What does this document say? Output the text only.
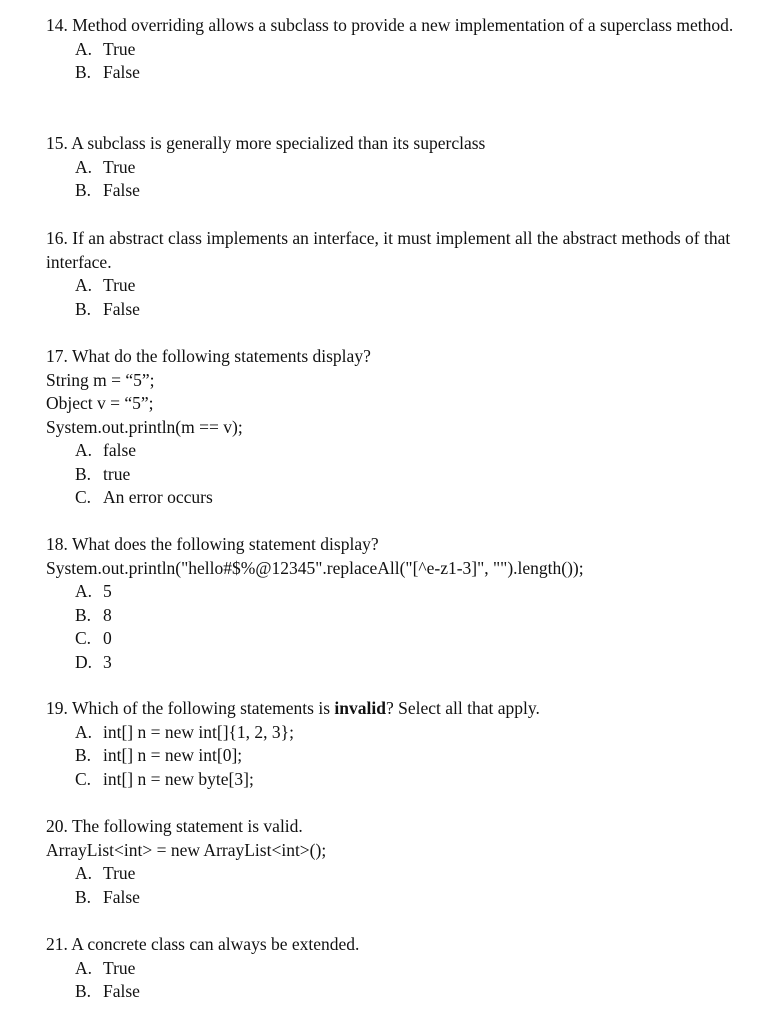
14. Method overriding allows a subclass to provide a new implementation of a superclass method.
A. True
B. False
15. A subclass is generally more specialized than its superclass
A. True
B. False
16. If an abstract class implements an interface, it must implement all the abstract methods of that interface.
A. True
B. False
17. What do the following statements display?
String m = “5”;
Object v = “5”;
System.out.println(m == v);
A. false
B. true
C. An error occurs
18. What does the following statement display?
System.out.println("hello#$%@12345".replaceAll("[^e-z1-3]", "").length());
A. 5
B. 8
C. 0
D. 3
19. Which of the following statements is invalid? Select all that apply.
A. int[] n = new int[]{1, 2, 3};
B. int[] n = new int[0];
C. int[] n = new byte[3];
20. The following statement is valid.
ArrayList<int> = new ArrayList<int>();
A. True
B. False
21. A concrete class can always be extended.
A. True
B. False
